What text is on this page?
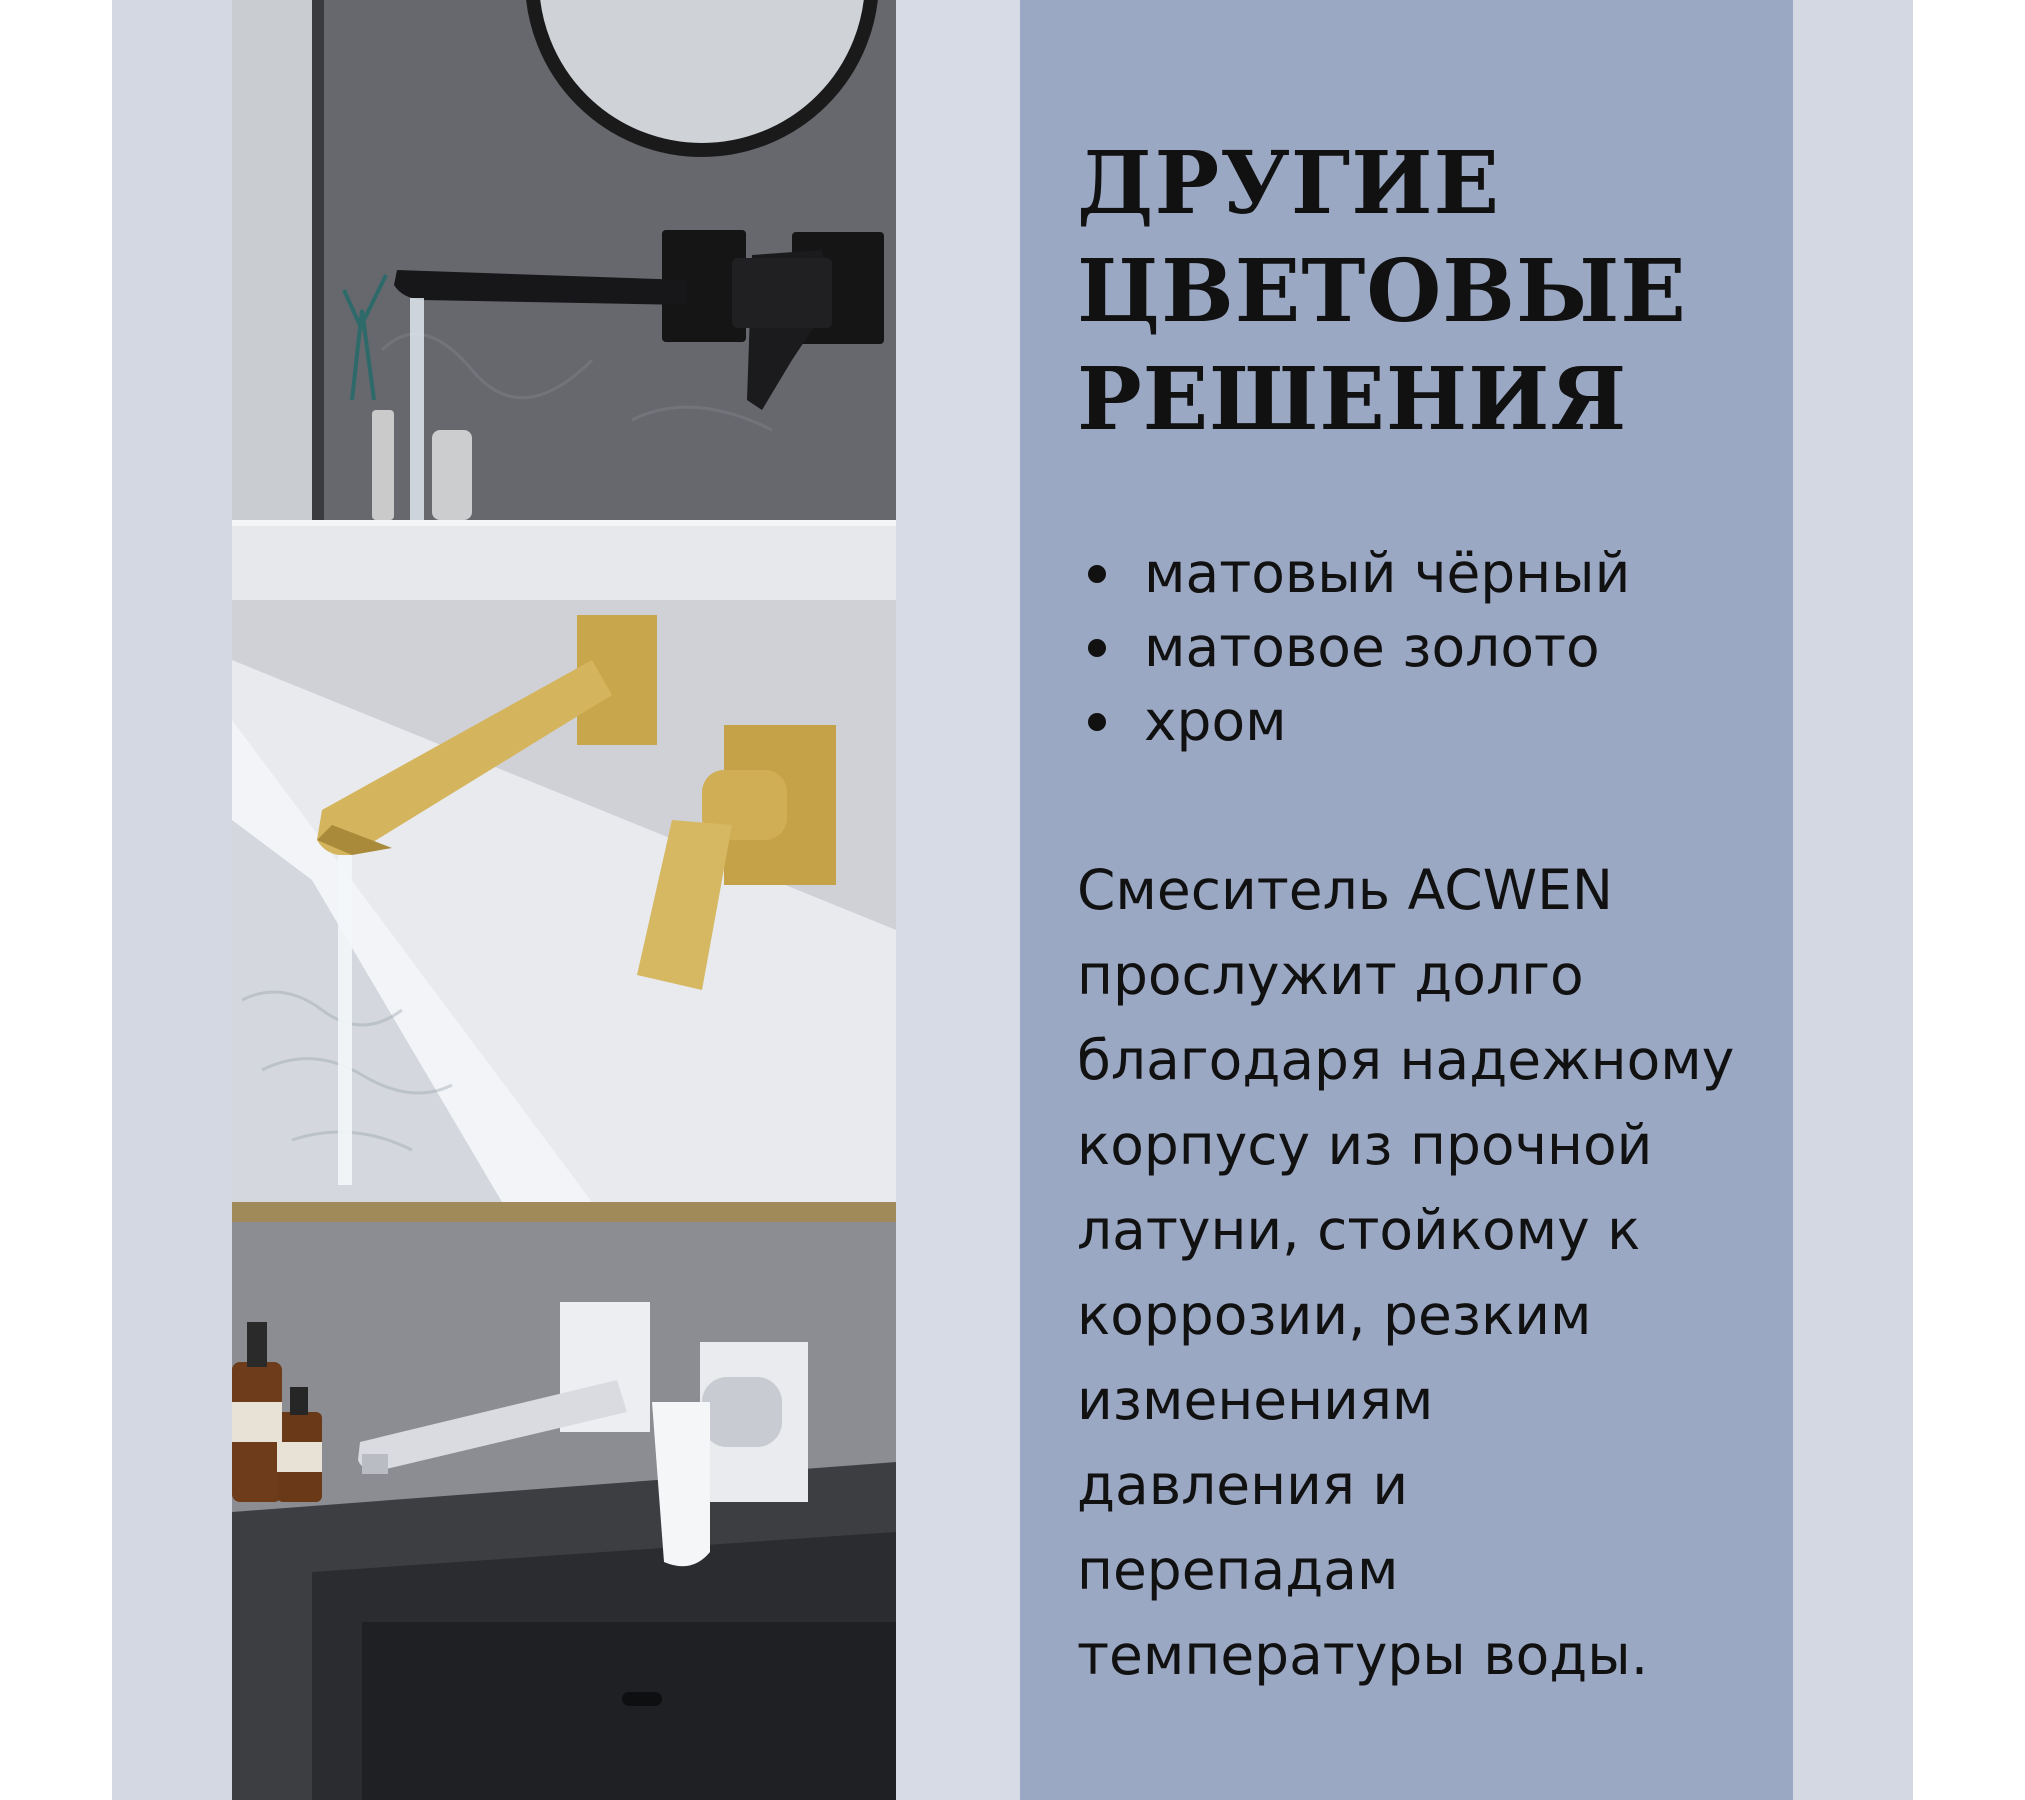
ДРУГИЕ
ЦВЕТОВЫЕ
РЕШЕНИЯ
матовый чёрный
матовое золото
хром

Смеситель ACWEN
прослужит долго
благодаря надежному
корпусу из прочной
латуни, стойкому к
коррозии, резким
изменениям
давления и
перепадам
температуры воды.
